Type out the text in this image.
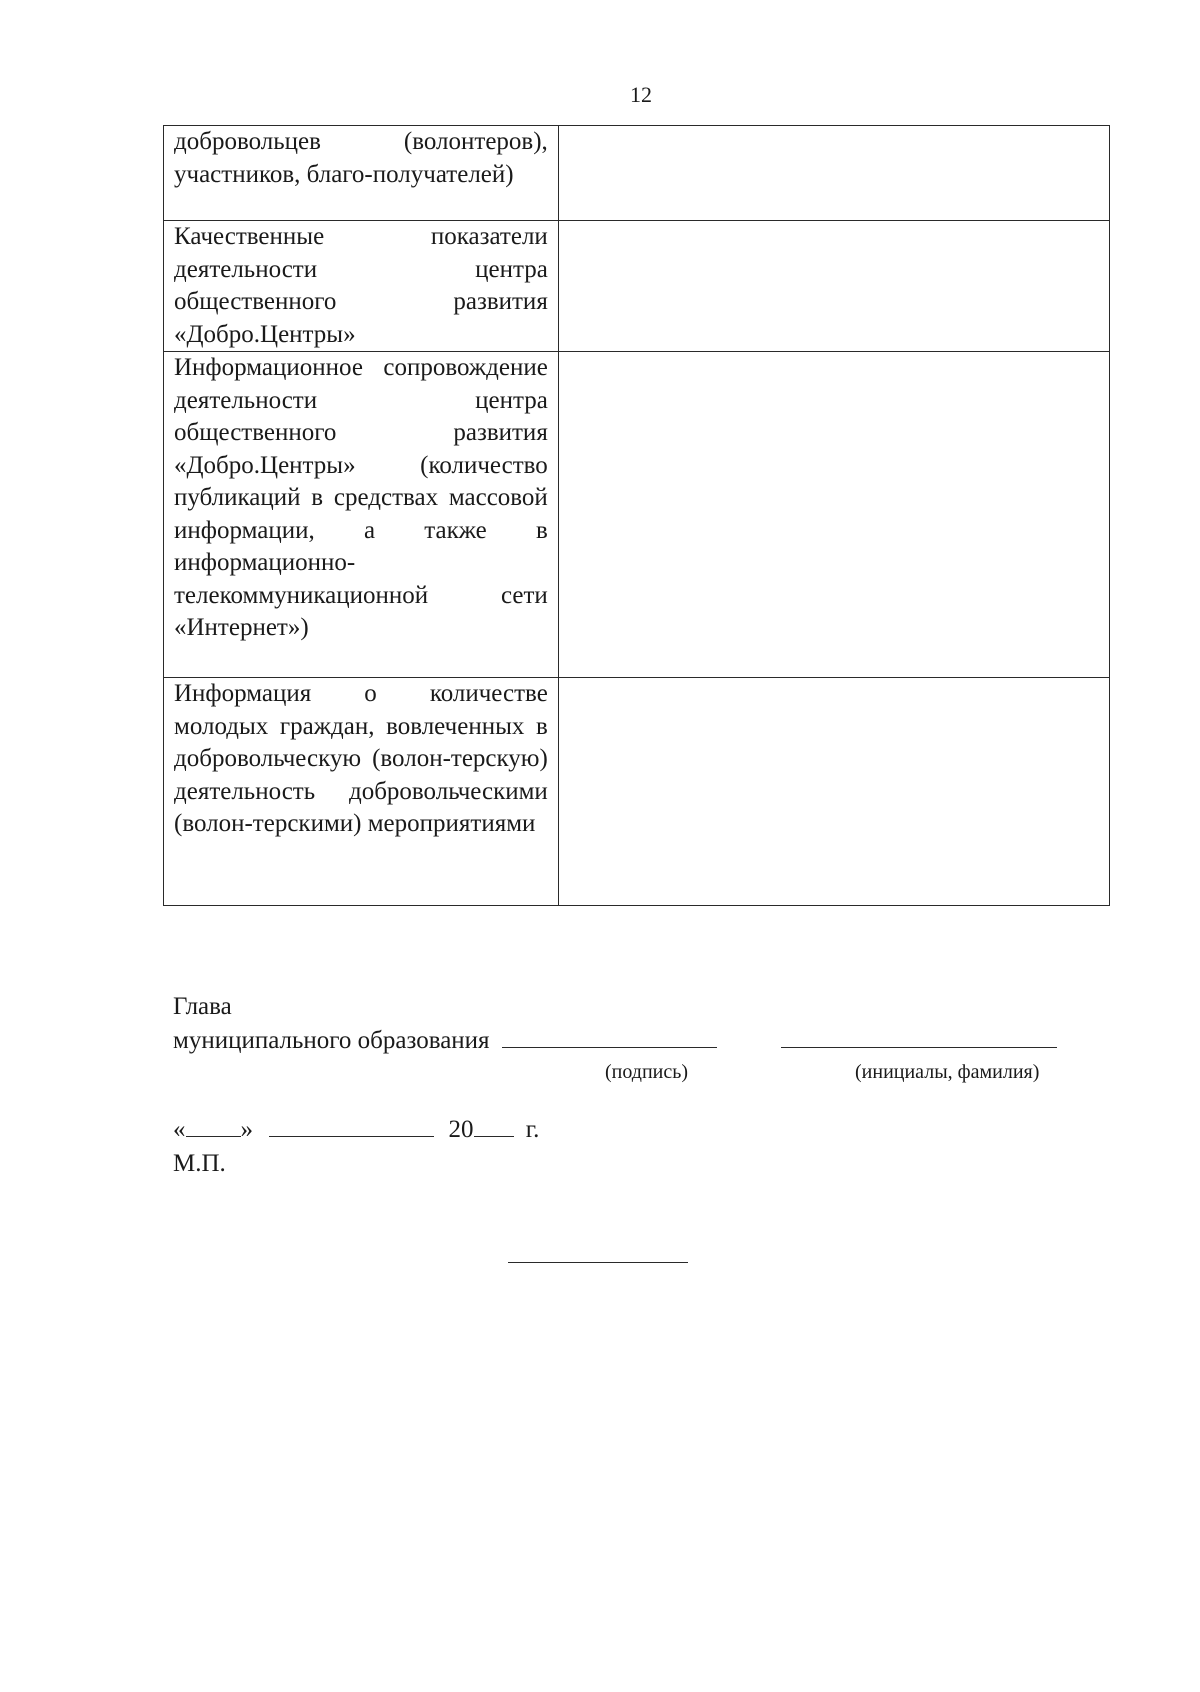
12
добровольцев (волонтеров), участников, благо-получателей)	
Качественные показатели деятельности центра общественного развития «Добро.Центры»	
Информационное сопровождение деятельности центра общественного развития «Добро.Центры» (количество публикаций в средствах массовой информации, а также в информационно-телекоммуникационной сети «Интернет»)	
Информация о количестве молодых граждан, вовлеченных в добровольческую (волон-терскую) деятельность добровольческими (волон-терскими) мероприятиями	
Глава
муниципального образования
(подпись)	(инициалы, фамилия)
« »	20 г.
М.П.
